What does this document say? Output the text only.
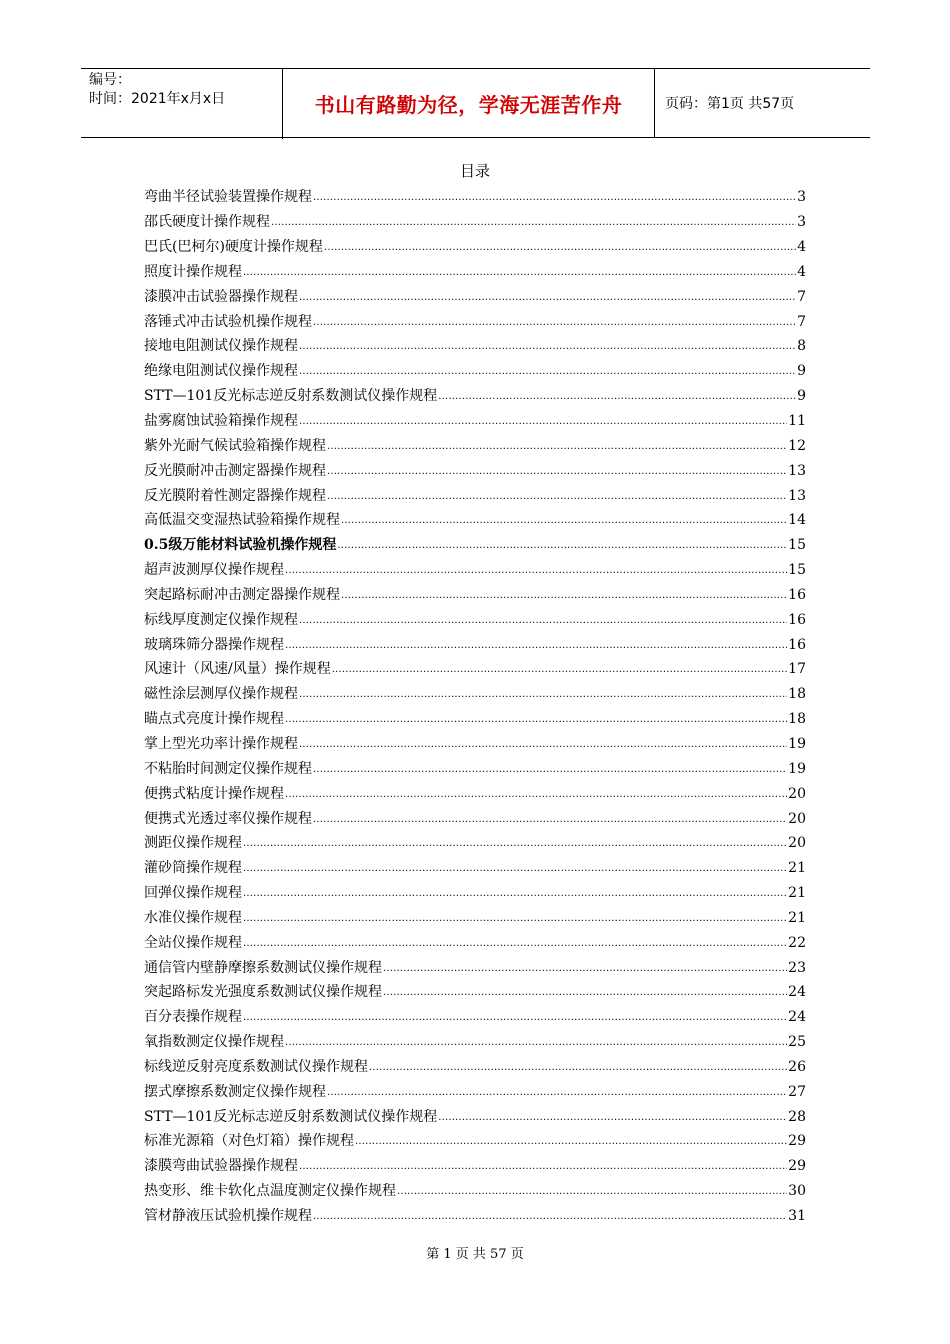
编号：
时间：2021年x月x日	书山有路勤为径，学海无涯苦作舟	页码：第1页 共57页
目录
弯曲半径试验装置操作规程 .....	3
邵氏硬度计操作规程 .....	3
巴氏(巴柯尔)硬度计操作规程 .....	4
照度计操作规程 .....	4
漆膜冲击试验器操作规程 .....	7
落锤式冲击试验机操作规程 .....	7
接地电阻测试仪操作规程 .....	8
绝缘电阻测试仪操作规程 .....	9
STT—101反光标志逆反射系数测试仪操作规程 .....	9
盐雾腐蚀试验箱操作规程 .....	11
紫外光耐气候试验箱操作规程 .....	12
反光膜耐冲击测定器操作规程 .....	13
反光膜附着性测定器操作规程 .....	13
高低温交变湿热试验箱操作规程 .....	14
0.5级万能材料试验机操作规程 .....	15
超声波测厚仪操作规程 .....	15
突起路标耐冲击测定器操作规程 .....	16
标线厚度测定仪操作规程 .....	16
玻璃珠筛分器操作规程 .....	16
风速计（风速/风量）操作规程 .....	17
磁性涂层测厚仪操作规程 .....	18
瞄点式亮度计操作规程 .....	18
掌上型光功率计操作规程 .....	19
不粘胎时间测定仪操作规程 .....	19
便携式粘度计操作规程 .....	20
便携式光透过率仪操作规程 .....	20
测距仪操作规程 .....	20
灌砂筒操作规程 .....	21
回弹仪操作规程 .....	21
水准仪操作规程 .....	21
全站仪操作规程 .....	22
通信管内壁静摩擦系数测试仪操作规程 .....	23
突起路标发光强度系数测试仪操作规程 .....	24
百分表操作规程 .....	24
氧指数测定仪操作规程 .....	25
标线逆反射亮度系数测试仪操作规程 .....	26
摆式摩擦系数测定仪操作规程 .....	27
STT—101反光标志逆反射系数测试仪操作规程 .....	28
标准光源箱（对色灯箱）操作规程 .....	29
漆膜弯曲试验器操作规程 .....	29
热变形、维卡软化点温度测定仪操作规程 .....	30
管材静液压试验机操作规程 .....	31
第 1 页 共 57 页
